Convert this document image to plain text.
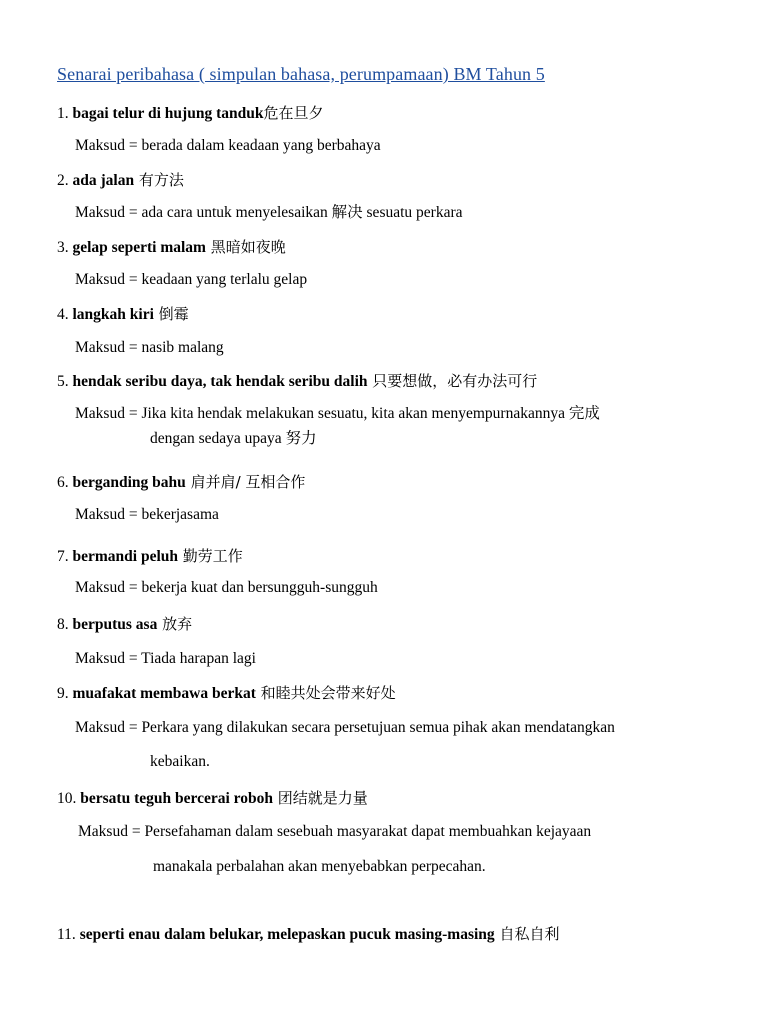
Senarai peribahasa ( simpulan bahasa, perumpamaan) BM Tahun 5
1. bagai telur di hujung tanduk危在旦夕
Maksud = berada dalam keadaan yang berbahaya
2. ada jalan 有方法
Maksud = ada cara untuk menyelesaikan 解决 sesuatu perkara
3. gelap seperti malam 黑暗如夜晚
Maksud = keadaan yang terlalu gelap
4. langkah kiri 倒霉
Maksud = nasib malang
5. hendak seribu daya, tak hendak seribu dalih 只要想做，必有办法可行
Maksud = Jika kita hendak melakukan sesuatu, kita akan menyempurnakannya 完成
dengan sedaya upaya 努力
6. berganding bahu 肩并肩/ 互相合作
Maksud = bekerjasama
7. bermandi peluh 勤劳工作
Maksud = bekerja kuat dan bersungguh-sungguh
8. berputus asa 放弃
Maksud = Tiada harapan lagi
9. muafakat membawa berkat 和睦共处会带来好处
Maksud = Perkara yang dilakukan secara persetujuan semua pihak akan mendatangkan
kebaikan.
10. bersatu teguh bercerai roboh 团结就是力量
Maksud = Persefahaman dalam sesebuah masyarakat dapat membuahkan kejayaan
manakala perbalahan akan menyebabkan perpecahan.
11. seperti enau dalam belukar, melepaskan pucuk masing-masing 自私自利
